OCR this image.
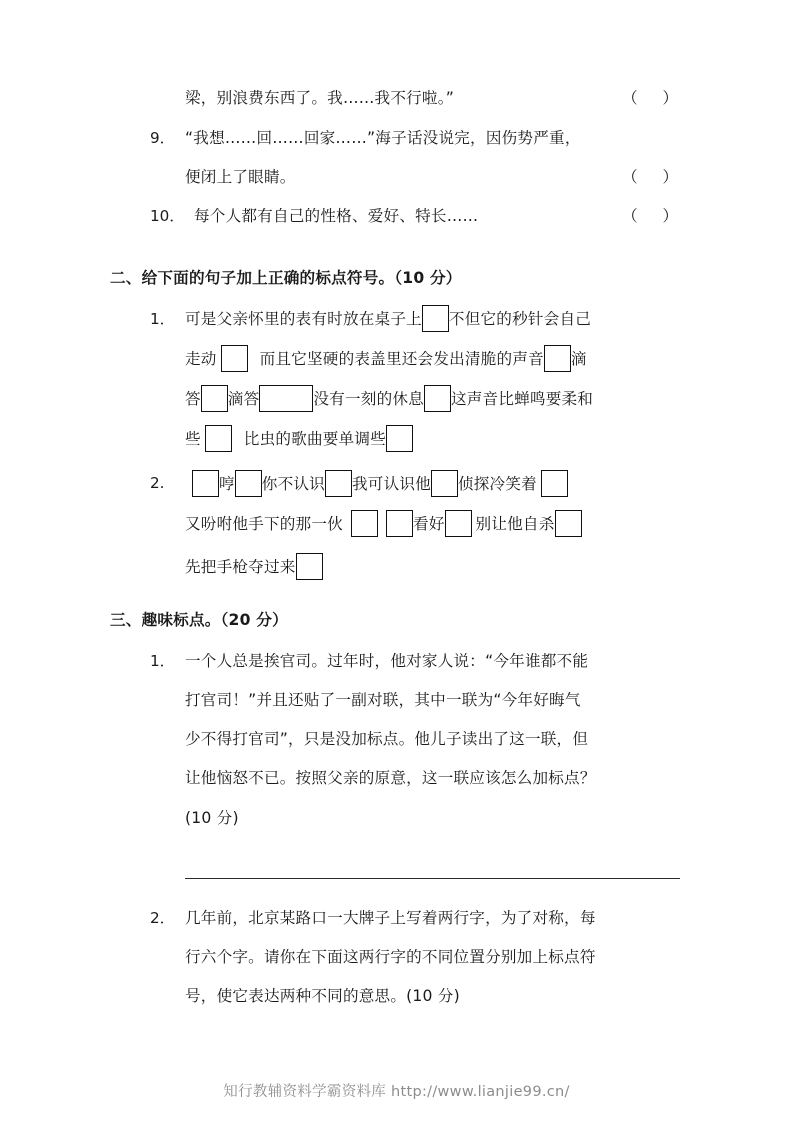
梁，别浪费东西了。我……我不行啦。”	（ ）
9． “我想……回……回家……”海子话没说完，因伤势严重，
便闭上了眼睛。	（ ）
10． 每个人都有自己的性格、爱好、特长……	（ ）
二、给下面的句子加上正确的标点符号。（10 分）
1． 可是父亲怀里的表有时放在桌子上 不但它的秒针会自己
走动	而且它坚硬的表盖里还会发出清脆的声音 滴
答 滴答	没有一刻的休息 这声音比蝉鸣要柔和
些	比虫的歌曲要单调些
2.	哼 你不认识 我可认识他 侦探冷笑着
又吩咐他手下的那一伙	看好 别让他自杀
先把手枪夺过来
三、趣味标点。（20 分）
1． 一个人总是挨官司。过年时，他对家人说：“今年谁都不能
打官司！”并且还贴了一副对联，其中一联为“今年好晦气
少不得打官司”，只是没加标点。他儿子读出了这一联，但
让他恼怒不已。按照父亲的原意，这一联应该怎么加标点？
(10 分)
2． 几年前，北京某路口一大牌子上写着两行字，为了对称，每
行六个字。请你在下面这两行字的不同位置分别加上标点符
号，使它表达两种不同的意思。(10 分)
知行教辅资料学霸资料库 http://www.lianjie99.cn/
